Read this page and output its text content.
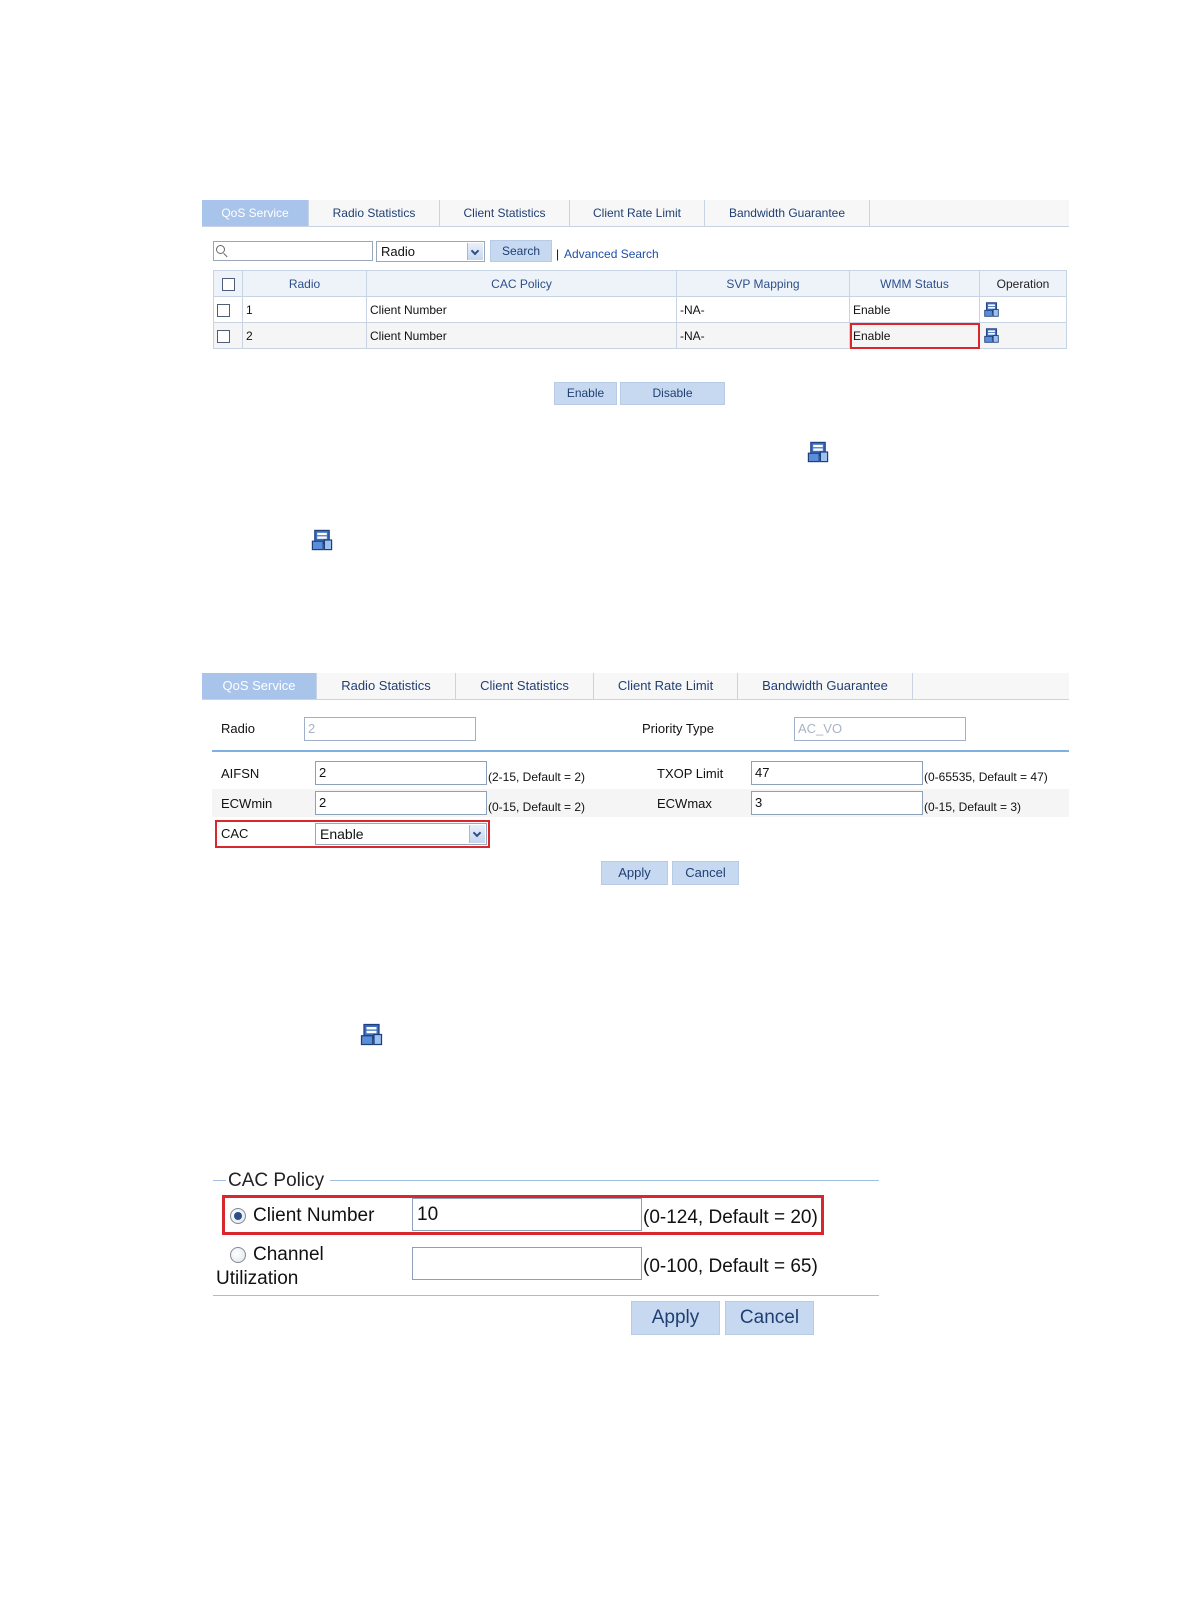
QoS Service	Radio Statistics	Client Statistics	Client Rate Limit	Bandwidth Guarantee
Radio	Search	| Advanced Search
	Radio	CAC Policy	SVP Mapping	WMM Status	Operation
	1	Client Number	-NA-	Enable	
	2	Client Number	-NA-	Enable	
Enable	Disable
QoS Service	Radio Statistics	Client Statistics	Client Rate Limit	Bandwidth Guarantee
Radio	2	Priority Type	AC_VO
AIFSN	2	(2-15, Default = 2)	TXOP Limit	47	(0-65535, Default = 47)
ECWmin	2	(0-15, Default = 2)	ECWmax	3	(0-15, Default = 3)
CAC	Enable
Apply	Cancel
CAC Policy
Client Number 10	(0-124, Default = 20)
Channel
Utilization
(0-100, Default = 65)
Apply	Cancel
